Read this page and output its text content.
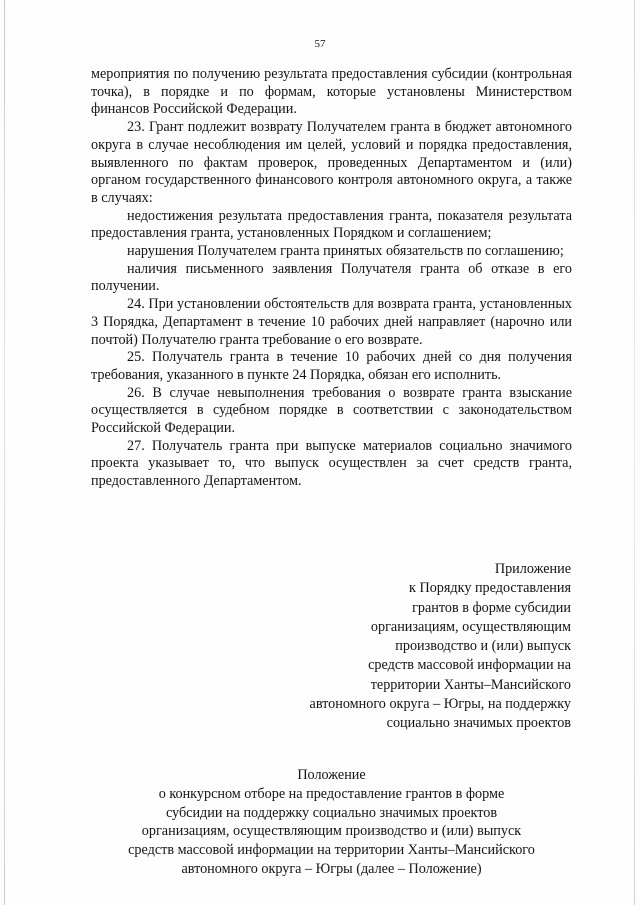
57

мероприятия по получению результата предоставления субсидии (контрольная точка), в порядке и по формам, которые установлены Министерством финансов Российской Федерации.

23. Грант подлежит возврату Получателем гранта в бюджет автономного округа в случае несоблюдения им целей, условий и порядка предоставления, выявленного по фактам проверок, проведенных Департаментом и (или) органом государственного финансового контроля автономного округа, а также в случаях:

недостижения результата предоставления гранта, показателя результата предоставления гранта, установленных Порядком и соглашением;

нарушения Получателем гранта принятых обязательств по соглашению;

наличия письменного заявления Получателя гранта об отказе в его получении.

24. При установлении обстоятельств для возврата гранта, установленных 3 Порядка, Департамент в течение 10 рабочих дней направляет (нарочно или почтой) Получателю гранта требование о его возврате.

25. Получатель гранта в течение 10 рабочих дней со дня получения требования, указанного в пункте 24 Порядка, обязан его исполнить.

26. В случае невыполнения требования о возврате гранта взыскание осуществляется в судебном порядке в соответствии с законодательством Российской Федерации.

27. Получатель гранта при выпуске материалов социально значимого проекта указывает то, что выпуск осуществлен за счет средств гранта, предоставленного Департаментом.

Приложение
к Порядку предоставления
грантов в форме субсидии
организациям, осуществляющим
производство и (или) выпуск
средств массовой информации на
территории Ханты–Мансийского
автономного округа – Югры, на поддержку
социально значимых проектов
Положение
о конкурсном отборе на предоставление грантов в форме
субсидии на поддержку социально значимых проектов
организациям, осуществляющим производство и (или) выпуск
средств массовой информации на территории Ханты–Мансийского
автономного округа – Югры (далее – Положение)
